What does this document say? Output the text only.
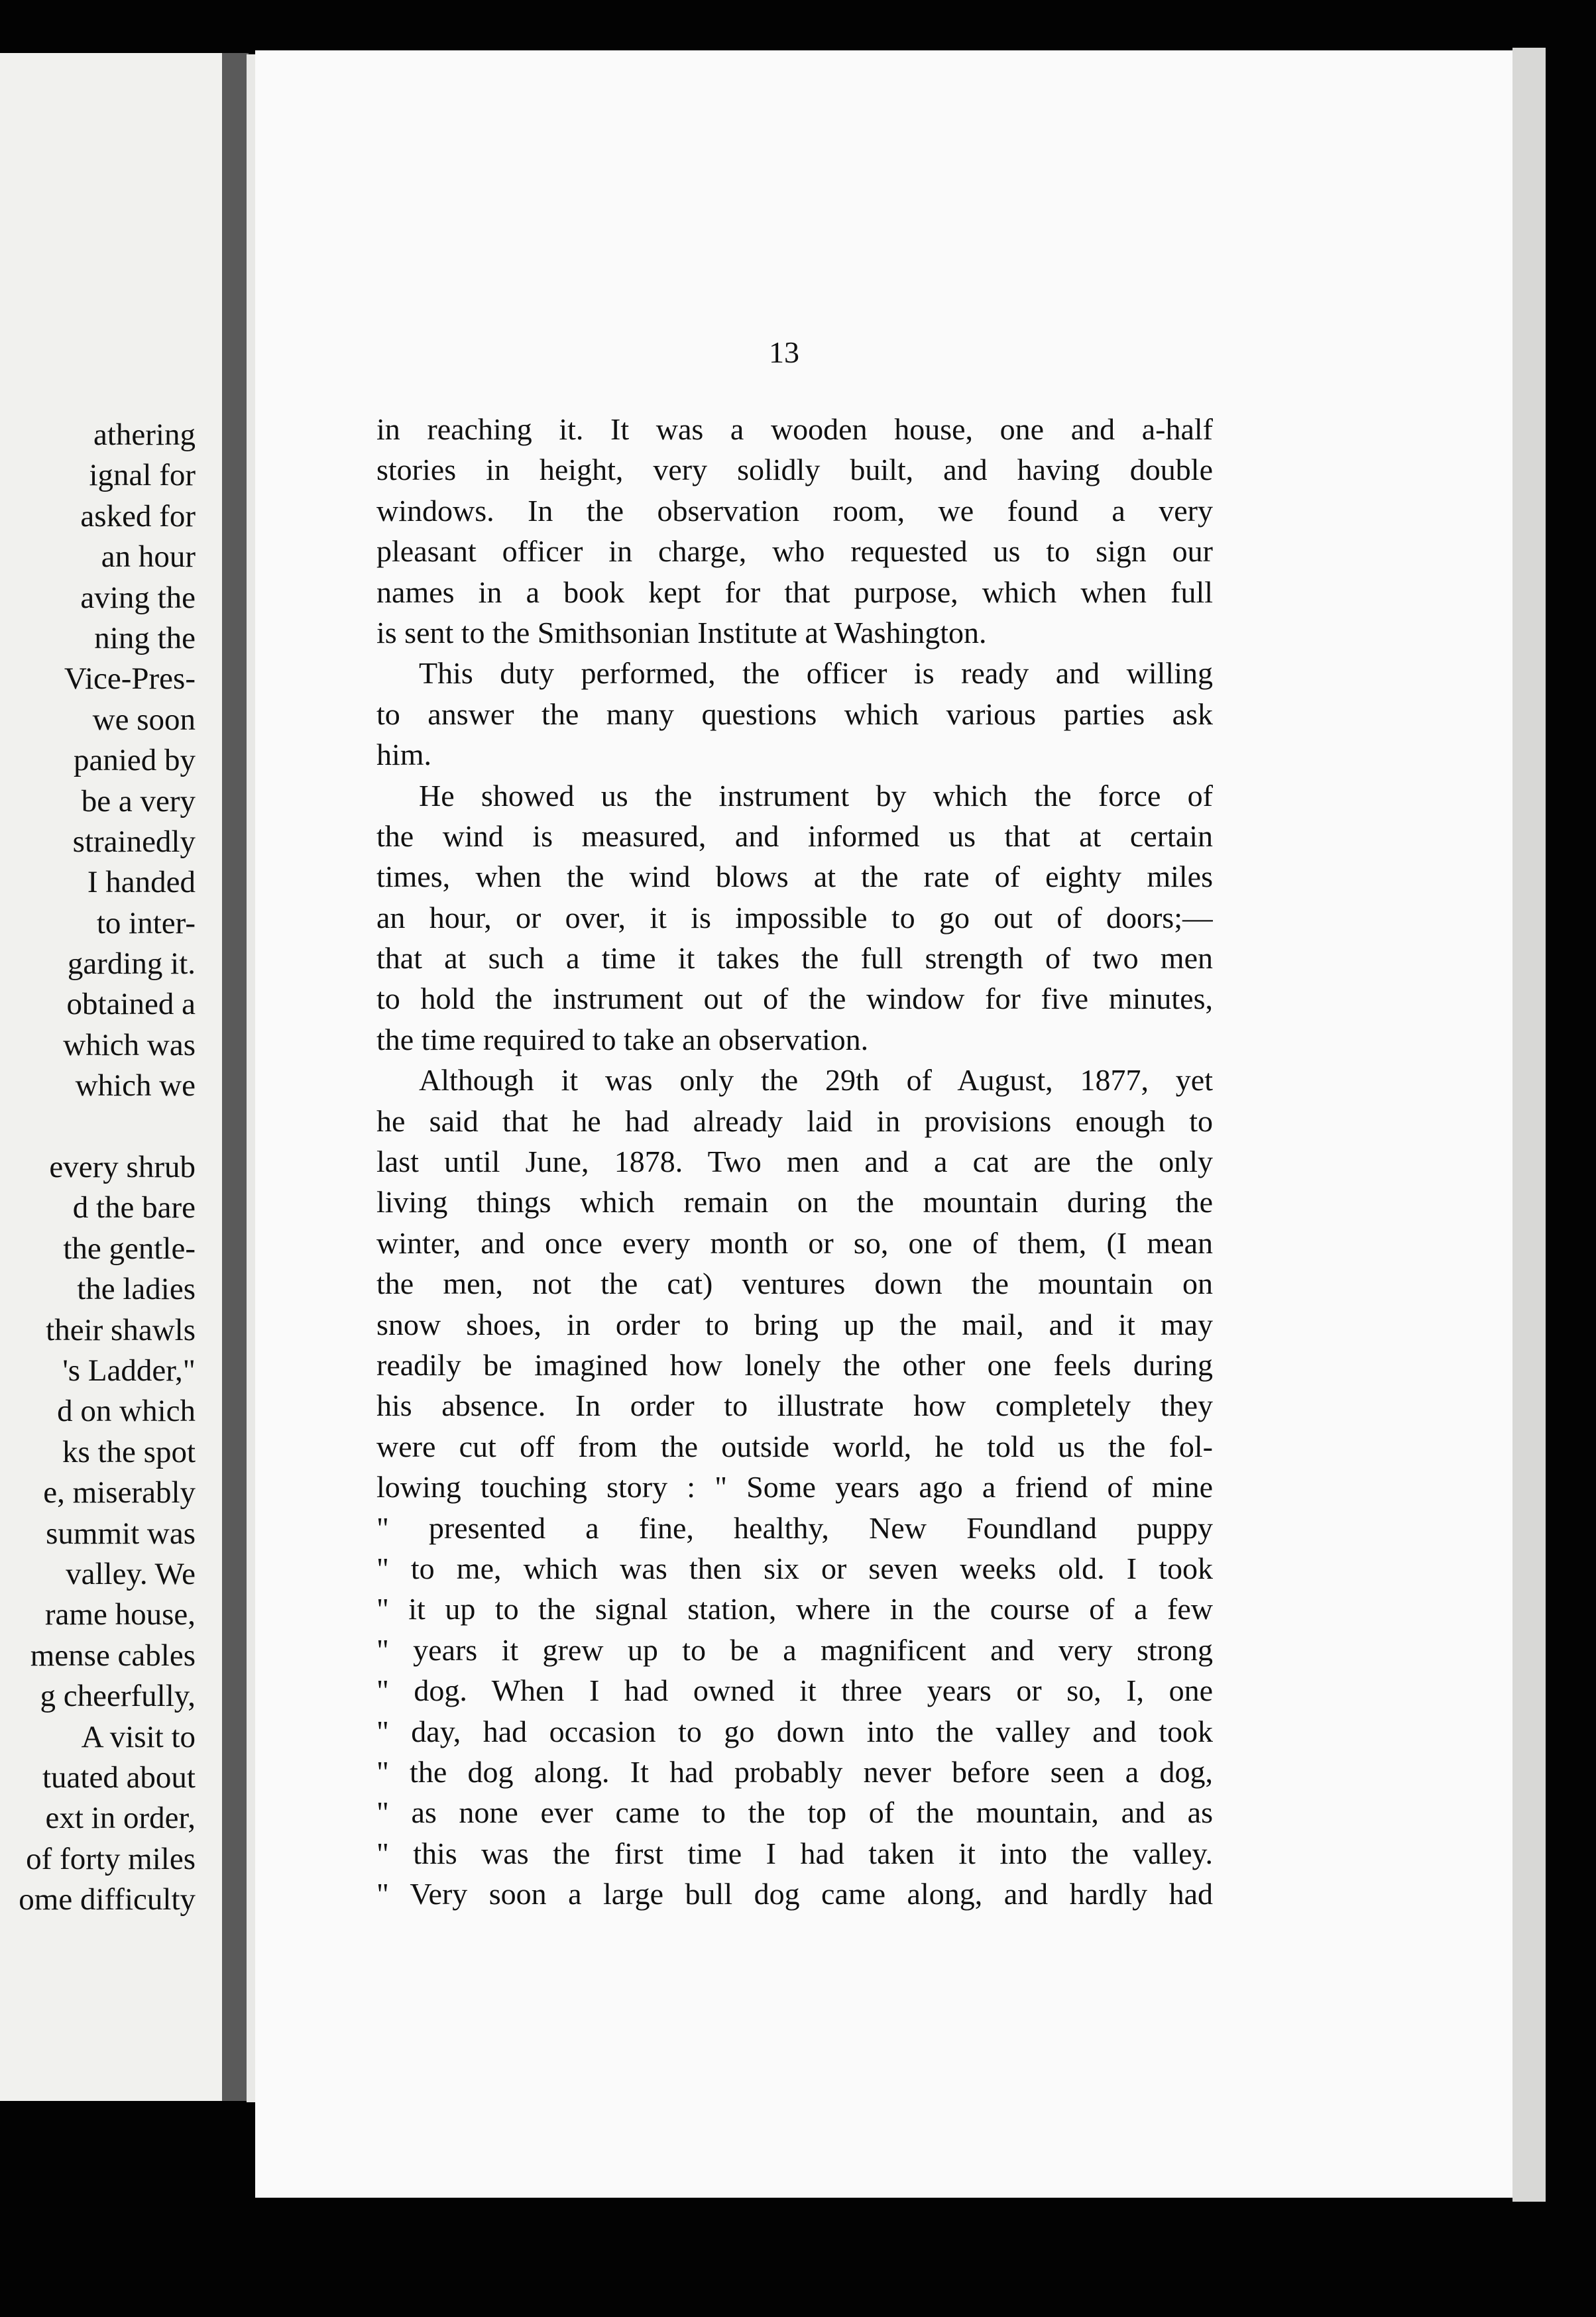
athering
ignal for
asked for
an hour
aving the
ning the
Vice-Pres-
we soon
panied by
be a very
strainedly
I handed
to inter-
garding it.
obtained a
which was
which we
every shrub
d the bare
the gentle-
the ladies
their shawls
's Ladder,"
d on which
ks the spot
e, miserably
summit was
valley. We
rame house,
mense cables
g cheerfully,
A visit to
tuated about
ext in order,
of forty miles
ome difficulty
13
in reaching it. It was a wooden house, one and a-half
stories in height, very solidly built, and having double
windows. In the observation room, we found a very
pleasant officer in charge, who requested us to sign our
names in a book kept for that purpose, which when full
is sent to the Smithsonian Institute at Washington.
This duty performed, the officer is ready and willing
to answer the many questions which various parties ask
him.
He showed us the instrument by which the force of
the wind is measured, and informed us that at certain
times, when the wind blows at the rate of eighty miles
an hour, or over, it is impossible to go out of doors;—
that at such a time it takes the full strength of two men
to hold the instrument out of the window for five minutes,
the time required to take an observation.
Although it was only the 29th of August, 1877, yet
he said that he had already laid in provisions enough to
last until June, 1878. Two men and a cat are the only
living things which remain on the mountain during the
winter, and once every month or so, one of them, (I mean
the men, not the cat) ventures down the mountain on
snow shoes, in order to bring up the mail, and it may
readily be imagined how lonely the other one feels during
his absence. In order to illustrate how completely they
were cut off from the outside world, he told us the fol-
lowing touching story : " Some years ago a friend of mine
" presented a fine, healthy, New Foundland puppy
" to me, which was then six or seven weeks old. I took
" it up to the signal station, where in the course of a few
" years it grew up to be a magnificent and very strong
" dog. When I had owned it three years or so, I, one
" day, had occasion to go down into the valley and took
" the dog along. It had probably never before seen a dog,
" as none ever came to the top of the mountain, and as
" this was the first time I had taken it into the valley.
" Very soon a large bull dog came along, and hardly had
